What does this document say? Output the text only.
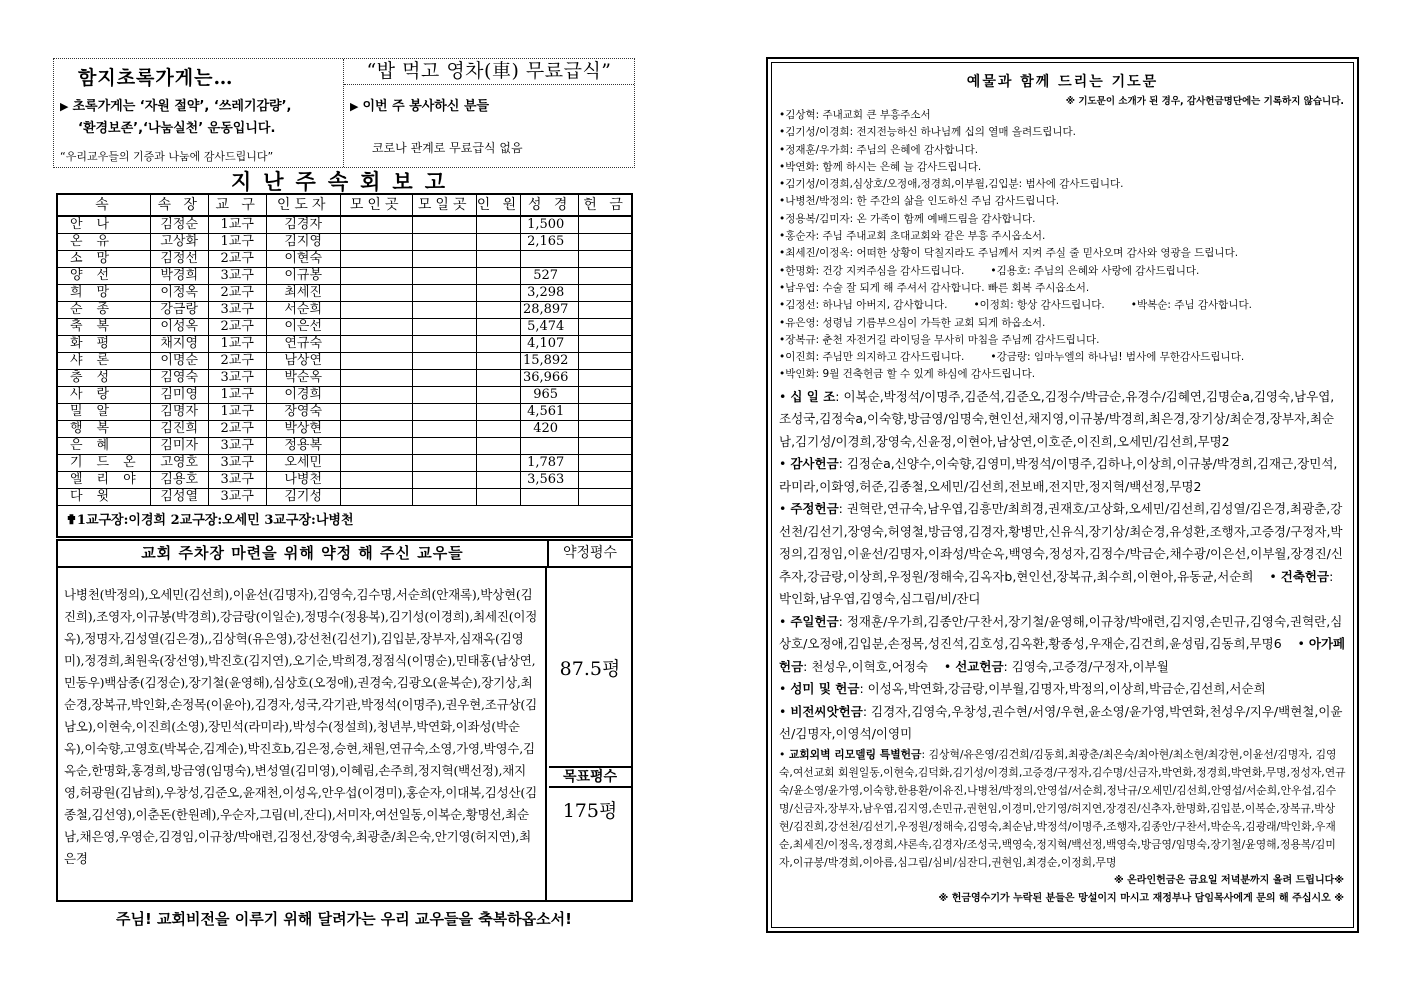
함지초록가게는…
▶ 초록가게는 ‘자원 절약’, ‘쓰레기감량’,
‘환경보존’,‘나눔실천’ 운동입니다.
“우리교우들의 기증과 나눔에 감사드립니다”
“밥 먹고 영차(車) 무료급식”
▶ 이번 주 봉사하신 분들
코로나 관계로 무료급식 없음
지난주속회보고
속	속 장	교 구	인도자	모인곳	모일곳	인 원	성 경	헌 금
안나	김정순	1교구	김경자				1,500	
온유	고상화	1교구	김지영				2,165	
소망	김정선	2교구	이현숙					
양선	박경희	3교구	이규봉				527	
희망	이정옥	2교구	최세진				3,298	
순종	강금랑	3교구	서순희				28,897	
축복	이성옥	2교구	이은선				5,474	
화평	채지영	1교구	연규숙				4,107	
샤론	이명순	2교구	남상연				15,892	
충성	김영숙	3교구	박순옥				36,966	
사랑	김미영	1교구	이경희				965	
밀알	김명자	1교구	장영숙				4,561	
행복	김진희	2교구	박상현				420	
은혜	김미자	3교구	정용복					
기드온	고영호	3교구	오세민				1,787	
엘리야	김용호	3교구	나병천				3,563	
다윗	김성열	3교구	김기성					
✟1교구장:이경희 2교구장:오세민 3교구장:나병천								
교회 주차장 마련을 위해 약정 해 주신 교우들	약정평수
나병천(박정의),오세민(김선희),이윤선(김명자),김영숙,김수명,서순희(안재록),박상현(김진희),조영자,이규봉(박경희),강금랑(이일순),정명수(정용복),김기성(이경희),최세진(이정옥),정명자,김성열(김은경),,김상혁(유은영),강선천(김선기),김입분,장부자,심재옥(김영미),정경희,최원욱(장선영),박진호(김지연),오기순,박희경,정점식(이명순),민태홍(남상연,민동우)백삼종(김정순),장기철(윤영해),심상호(오정애),권경숙,김광오(윤복순),장기상,최순경,장복규,박인화,손정목(이윤아),김경자,성국,각기관,박정석(이명주),권우현,조규상(김남오),이현숙,이진희(소영),장민석(라미라),박성수(정설희),청년부,박연화,이좌성(박순옥),이숙향,고영호(박복순,김계순),박진호b,김은정,승현,채원,연규숙,소영,가영,박영수,김옥순,한명화,홍경희,방금영(임명숙),변성열(김미영),이혜림,손주희,정지혁(백선정),채지영,허광원(김남희),우창성,김준오,윤재천,이성옥,안우섭(이경미),홍순자,이대복,김성산(김종철,김선영),이춘돈(한원례),우순자,그림(비,잔디),서미자,여선일동,이복순,황명선,최순남,채은영,우영순,김경임,이규창/박애련,김정선,장영숙,최광춘/최은숙,안기영(허지연),최은경
87.5평
목표평수
175평
주님! 교회비전을 이루기 위해 달려가는 우리 교우들을 축복하옵소서!
예물과 함께 드리는 기도문
※ 기도문이 소개가 된 경우, 감사헌금명단에는 기록하지 않습니다.
•김상혁: 주내교회 큰 부흥주소서
•김기성/이경희: 전지전능하신 하나님께 십의 열매 올려드립니다.
•정재훈/우가희: 주님의 은혜에 감사합니다.
•박연화: 함께 하시는 은혜 늘 감사드립니다.
•김기성/이경희,심상호/오정애,정경희,이부월,김입분: 범사에 감사드립니다.
•나병천/박정의: 한 주간의 삶을 인도하신 주님 감사드립니다.
•정용복/김미자: 온 가족이 함께 예배드림을 감사합니다.
•홍순자: 주님 주내교회 초대교회와 같은 부흥 주시옵소서.
•최세진/이정옥: 어떠한 상황이 닥칠지라도 주님께서 지켜 주실 줄 믿사오며 감사와 영광을 드립니다.
•한명화: 건강 지켜주심을 감사드립니다. •김용호: 주님의 은혜와 사랑에 감사드립니다.
•남우엽: 수술 잘 되게 해 주셔서 감사합니다. 빠른 회복 주시옵소서.
•김정선: 하나님 아버지, 감사합니다. •이정희: 항상 감사드립니다. •박복순: 주님 감사합니다.
•유은영: 성령님 기름부으심이 가득한 교회 되게 하옵소서.
•장복규: 춘천 자전거길 라이딩을 무사히 마침을 주님께 감사드립니다.
•이진희: 주님만 의지하고 감사드립니다. •강금랑: 임마누엘의 하나님! 범사에 무한감사드립니다.
•박인화: 9월 건축헌금 할 수 있게 하심에 감사드립니다.
• 십 일 조: 이복순,박정석/이명주,김준석,김준오,김정수/박금순,유경수/김혜연,김명순a,김영숙,남우엽,조성국,김정숙a,이숙향,방금영/임명숙,현인선,채지영,이규봉/박경희,최은경,장기상/최순경,장부자,최순남,김기성/이경희,장영숙,신윤정,이현아,남상연,이호준,이진희,오세민/김선희,무명2
• 감사헌금: 김정순a,신양수,이숙향,김영미,박정석/이명주,김하나,이상희,이규봉/박경희,김재근,장민석,라미라,이화영,허준,김종철,오세민/김선희,전보배,전지만,정지혁/백선정,무명2
• 주정헌금: 권혁란,연규숙,남우엽,김흥만/최희경,권재호/고상화,오세민/김선희,김성열/김은경,최광춘,강선천/김선기,장영숙,허영철,방금영,김경자,황병만,신유식,장기상/최순경,유성환,조행자,고증경/구정자,박정의,김정임,이윤선/김명자,이좌성/박순옥,백영숙,정성자,김정수/박금순,채수광/이은선,이부월,장경진/신추자,강금랑,이상희,우정원/정해숙,김옥자b,현인선,장복규,최수희,이현아,유동균,서순희    • 건축헌금: 박인화,남우엽,김영숙,심그림/비/잔디
• 주일헌금: 정재훈/우가희,김종안/구찬서,장기철/윤영해,이규창/박애련,김지영,손민규,김영숙,권혁란,심상호/오정애,김입분,손정목,성진석,김호성,김옥환,황종성,우재순,김건희,윤성림,김동희,무명6    • 아가페헌금: 천성우,이혁호,어정숙    • 선교헌금: 김영숙,고증경/구정자,이부월
• 성미 및 헌금: 이성옥,박연화,강금랑,이부월,김명자,박정의,이상희,박금순,김선희,서순희
• 비전씨앗헌금: 김경자,김영숙,우창성,권수현/서영/우현,윤소영/윤가영,박연화,천성우/지우/백현철,이윤선/김명자,이영석/이영미
• 교회외벽 리모델링 특별헌금: 김상혁/유은영/김건희/김동희,최광춘/최은숙/최아현/최소현/최강현,이윤선/김명자, 김영숙,여선교회 회원일동,이현숙,김덕화,김기성/이경희,고증경/구정자,김수명/신금자,박연화,정경희,박연화,무명,정성자,연규숙/윤소영/윤가영,이숙향,한용환/이유진,나병천/박정의,안영섭/서순희,정낙규/오세민/김선희,안영섭/서순희,안우섭,김수명/신금자,장부자,남우엽,김지영,손민규,권현임,이경미,안기영/허지연,장경진/신추자,한명화,김입분,이복순,장복규,박상현/김진희,강선천/김선기,우정원/정해숙,김영숙,최순남,박정석/이명주,조행자,김종안/구찬서,박순옥,김광래/박인화,우재순,최세진/이정옥,정경희,샤론속,김경자/조성국,백영숙,정지혁/백선정,백영숙,방금영/임명숙,장기철/윤영해,정용복/김미자,이규봉/박경희,이아름,심그림/심비/심잔디,권현임,최경순,이정희,무명
※ 온라인헌금은 금요일 저녁분까지 올려 드립니다※
※ 헌금영수기가 누락된 분들은 망설이지 마시고 재정부나 담임목사에게 문의 해 주십시오 ※
